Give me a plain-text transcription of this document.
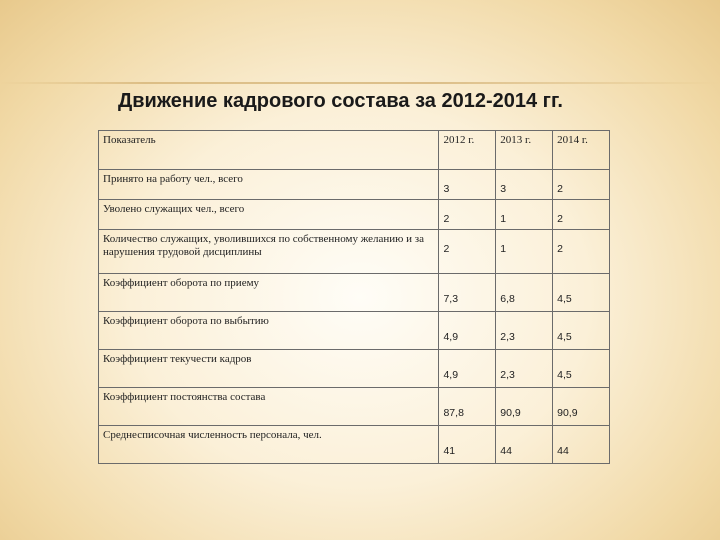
Движение кадрового состава за 2012-2014 гг.
Показатель	2012 г.	2013 г.	2014 г.
Принято на работу чел., всего	3	3	2

Уволено служащих чел., всего	2	1	2

Количество служащих, уволившихся по собственному желанию и за нарушения трудовой дисциплины	2	1	2

Коэффициент оборота по приему	7,3	6,8	4,5

Коэффициент оборота по выбытию	4,9	2,3	4,5

Коэффициент текучести кадров	4,9	2,3	4,5

Коэффициент постоянства состава	87,8	90,9	90,9

Среднесписочная численность персонала, чел.	41	44	44
